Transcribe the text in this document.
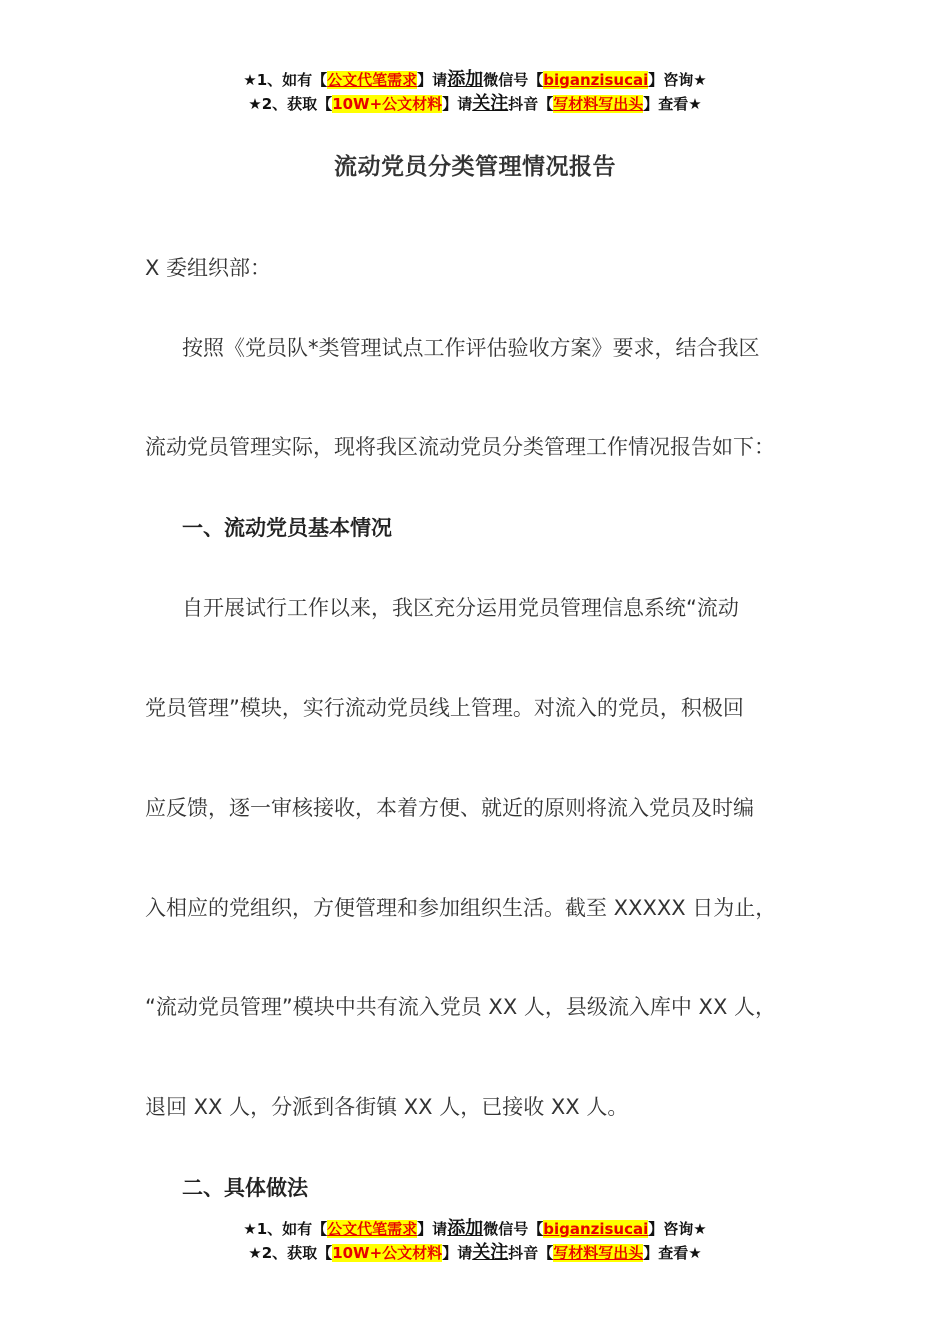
★1、如有【公文代笔需求】请添加微信号【biganzisucai】咨询★
★2、获取【10W+公文材料】请关注抖音【写材料写出头】查看★
流动党员分类管理情况报告
X 委组织部：
按照《党员队*类管理试点工作评估验收方案》要求，结合我区
流动党员管理实际，现将我区流动党员分类管理工作情况报告如下：
一、流动党员基本情况
自开展试行工作以来，我区充分运用党员管理信息系统“流动
党员管理”模块，实行流动党员线上管理。对流入的党员，积极回
应反馈，逐一审核接收，本着方便、就近的原则将流入党员及时编
入相应的党组织，方便管理和参加组织生活。截至 XXXXX 日为止，
“流动党员管理”模块中共有流入党员 XX 人，县级流入库中 XX 人，
退回 XX 人，分派到各街镇 XX 人，已接收 XX 人。
二、具体做法
★1、如有【公文代笔需求】请添加微信号【biganzisucai】咨询★
★2、获取【10W+公文材料】请关注抖音【写材料写出头】查看★
